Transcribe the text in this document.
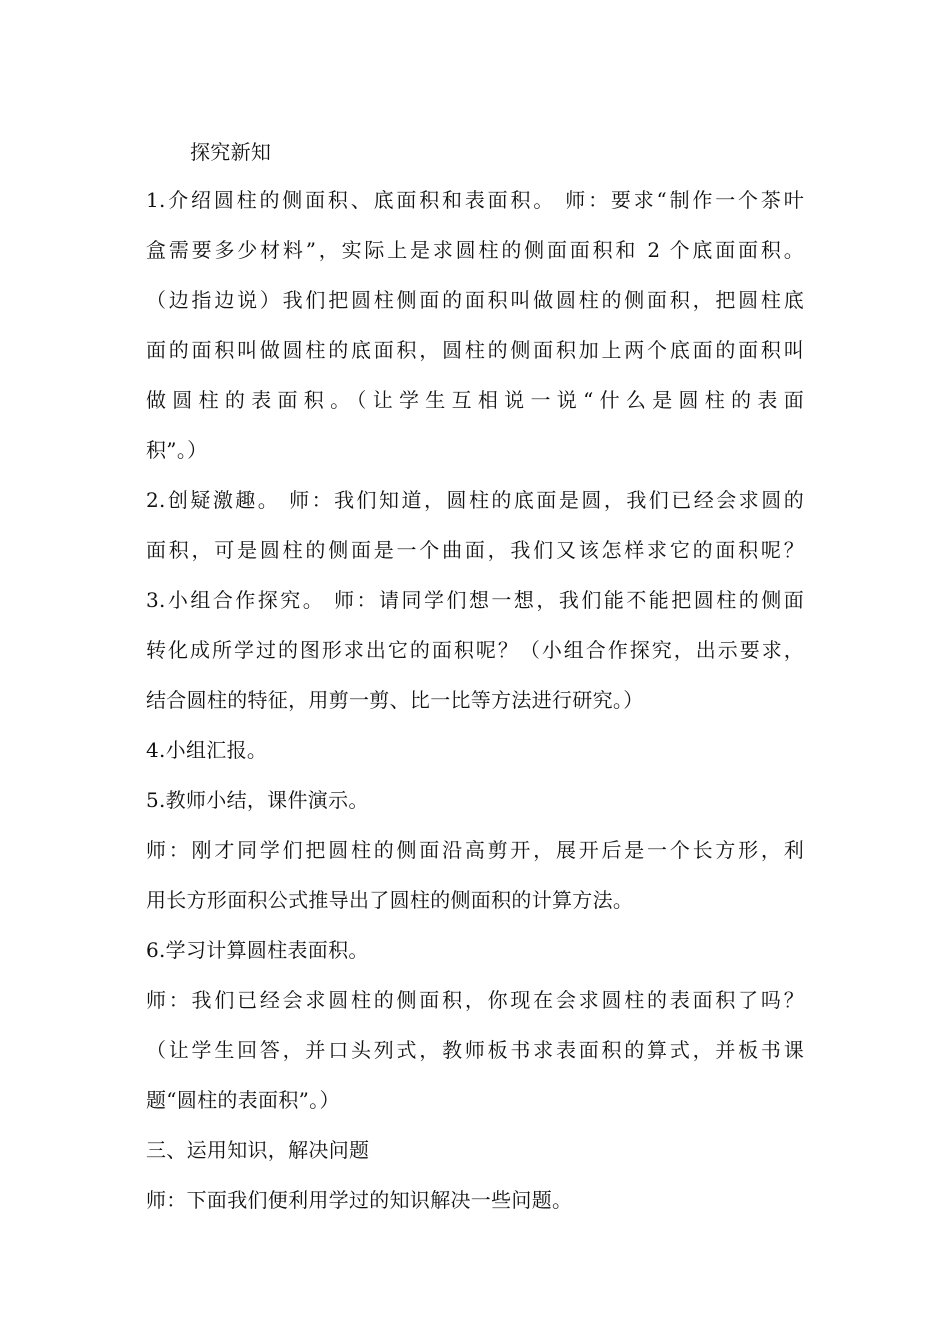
探究新知
1.介绍圆柱的侧面积、底面积和表面积。 师：要求“制作一个茶叶
盒需要多少材料”，实际上是求圆柱的侧面面积和 2 个底面面积。
（边指边说）我们把圆柱侧面的面积叫做圆柱的侧面积，把圆柱底
面的面积叫做圆柱的底面积，圆柱的侧面积加上两个底面的面积叫
做圆柱的表面积。（让学生互相说一说“什么是圆柱的表面
积”。）
2.创疑激趣。 师：我们知道，圆柱的底面是圆，我们已经会求圆的
面积，可是圆柱的侧面是一个曲面，我们又该怎样求它的面积呢？
3.小组合作探究。 师：请同学们想一想，我们能不能把圆柱的侧面
转化成所学过的图形求出它的面积呢？（小组合作探究，出示要求，
结合圆柱的特征，用剪一剪、比一比等方法进行研究。）
4.小组汇报。
5.教师小结，课件演示。
师：刚才同学们把圆柱的侧面沿高剪开，展开后是一个长方形，利
用长方形面积公式推导出了圆柱的侧面积的计算方法。
6.学习计算圆柱表面积。
师：我们已经会求圆柱的侧面积，你现在会求圆柱的表面积了吗？
（让学生回答，并口头列式，教师板书求表面积的算式，并板书课
题“圆柱的表面积”。）
三、运用知识，解决问题
师：下面我们便利用学过的知识解决一些问题。
